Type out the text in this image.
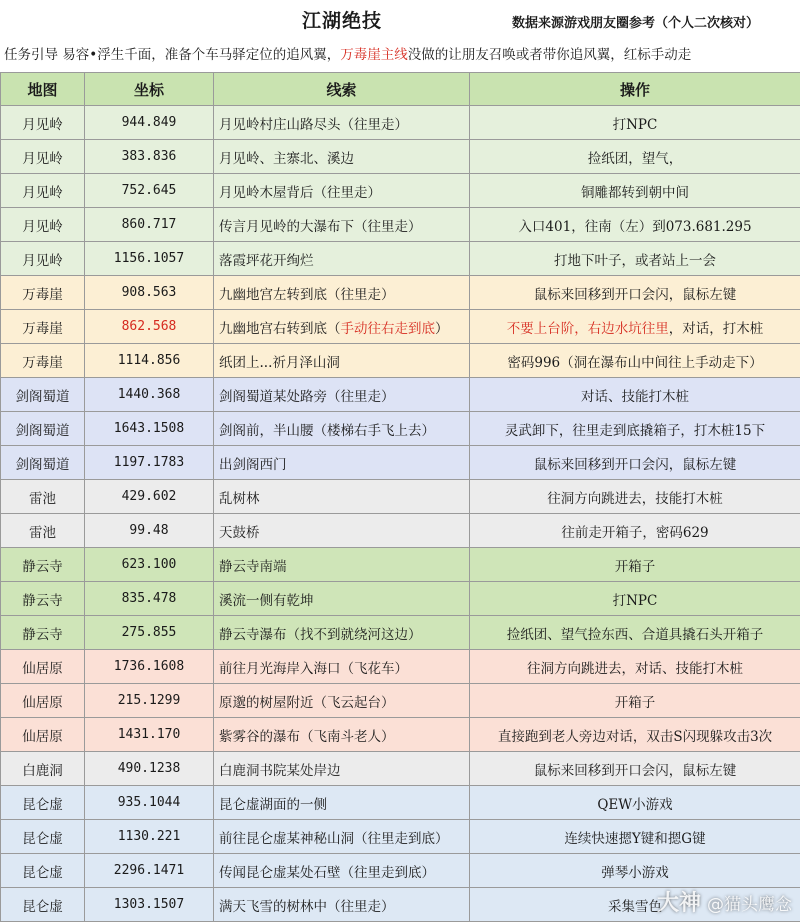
江湖绝技	数据来源游戏朋友圈参考（个人二次核对）
任务引导 易容•浮生千面，准备个车马驿定位的追风翼，万毒崖主线没做的让朋友召唤或者带你追风翼，红标手动走
地图	坐标	线索	操作
月见岭	944.849	月见岭村庄山路尽头（往里走）	打NPC
月见岭	383.836	月见岭、主寨北、溪边	捡纸团，望气，
月见岭	752.645	月见岭木屋背后（往里走）	铜雕都转到朝中间
月见岭	860.717	传言月见岭的大瀑布下（往里走）	入口401，往南（左）到073.681.295
月见岭	1156.1057	落霞坪花开绚烂	打地下叶子，或者站上一会
万毒崖	908.563	九幽地宫左转到底（往里走）	鼠标来回移到开口会闪，鼠标左键
万毒崖	862.568	九幽地宫右转到底（手动往右走到底）	不要上台阶，右边水坑往里，对话，打木桩
万毒崖	1114.856	纸团上...祈月泽山洞	密码996（洞在瀑布山中间往上手动走下）
剑阁蜀道	1440.368	剑阁蜀道某处路旁（往里走）	对话、技能打木桩
剑阁蜀道	1643.1508	剑阁前，半山腰（楼梯右手飞上去）	灵武卸下，往里走到底撬箱子，打木桩15下
剑阁蜀道	1197.1783	出剑阁西门	鼠标来回移到开口会闪，鼠标左键
雷池	429.602	乱树林	往洞方向跳进去，技能打木桩
雷池	99.48	天鼓桥	往前走开箱子，密码629
静云寺	623.100	静云寺南端	开箱子
静云寺	835.478	溪流一侧有乾坤	打NPC
静云寺	275.855	静云寺瀑布（找不到就绕河这边）	捡纸团、望气捡东西、合道具撬石头开箱子
仙居原	1736.1608	前往月光海岸入海口（飞花车）	往洞方向跳进去，对话、技能打木桩
仙居原	215.1299	原邈的树屋附近（飞云起台）	开箱子
仙居原	1431.170	紫雾谷的瀑布（飞南斗老人）	直接跑到老人旁边对话，双击S闪现躲攻击3次
白鹿洞	490.1238	白鹿洞书院某处岸边	鼠标来回移到开口会闪，鼠标左键
昆仑虚	935.1044	昆仑虚湖面的一侧	QEW小游戏
昆仑虚	1130.221	前往昆仑虚某神秘山洞（往里走到底）	连续快速摁Y键和摁G键
昆仑虚	2296.1471	传闻昆仑虚某处石壁（往里走到底）	弹琴小游戏
昆仑虚	1303.1507	满天飞雪的树林中（往里走）	采集雪色
大神 @猫头鹰念
